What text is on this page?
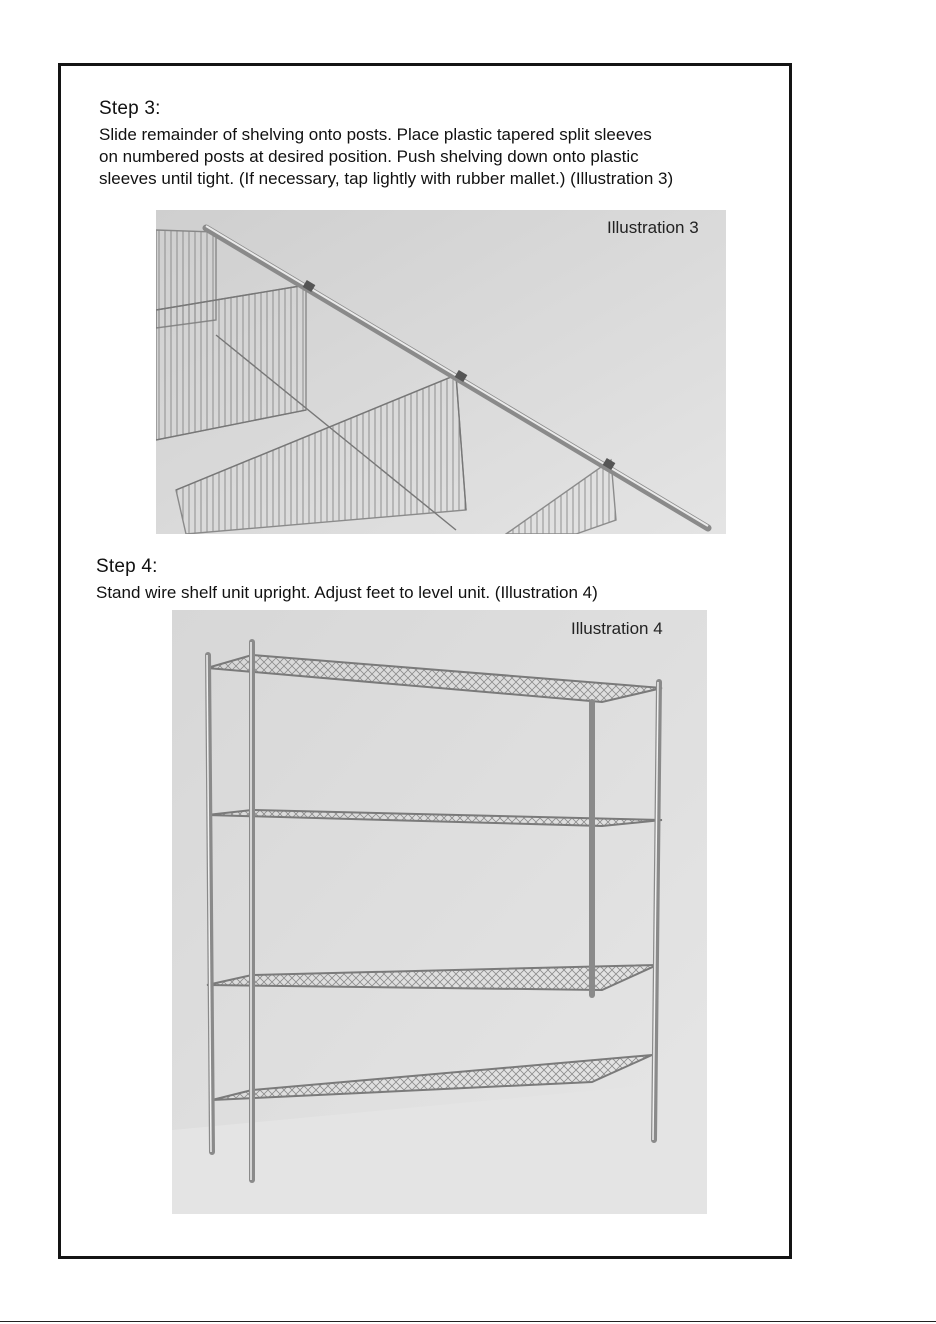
Step 3:
Slide remainder of shelving onto posts. Place plastic tapered split sleeves
on numbered posts at desired position. Push shelving down onto plastic
sleeves until tight. (If necessary, tap lightly with rubber mallet.) (Illustration 3)
Illustration 3
Step 4:
Stand wire shelf unit upright. Adjust feet to level unit. (Illustration 4)
Illustration 4
